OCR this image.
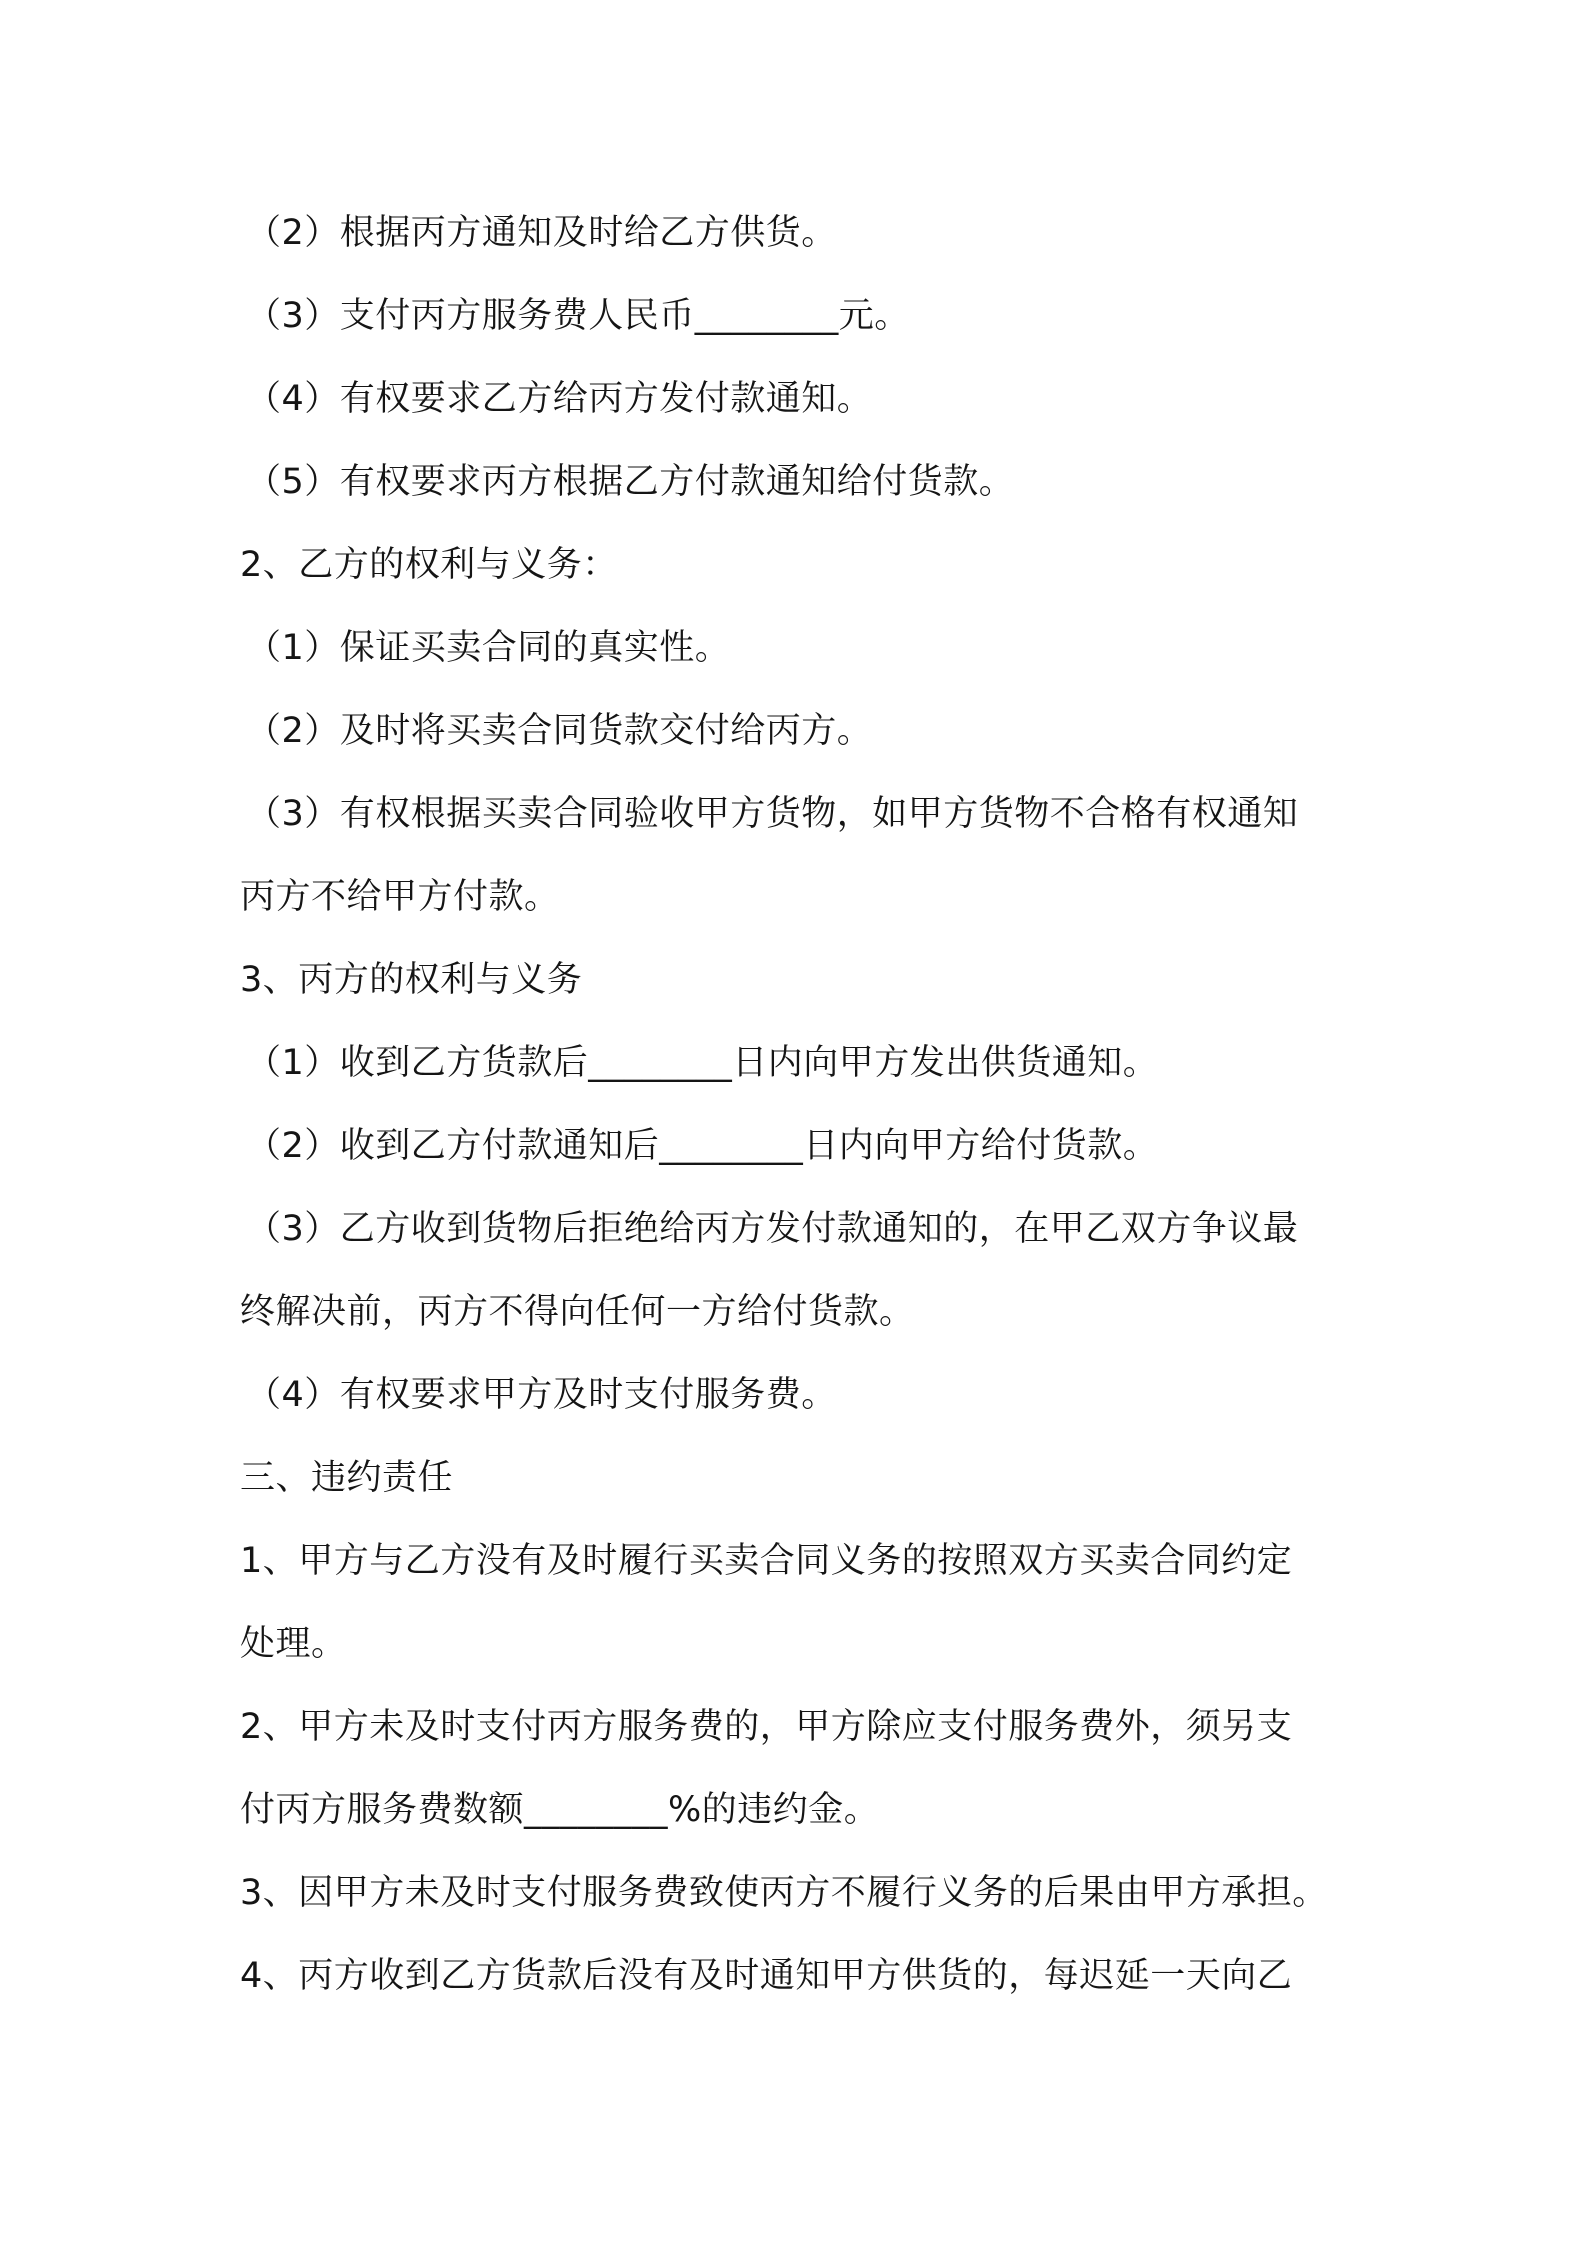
（2）根据丙方通知及时给乙方供货。
（3）支付丙方服务费人民币________元。
（4）有权要求乙方给丙方发付款通知。
（5）有权要求丙方根据乙方付款通知给付货款。
2、乙方的权利与义务：
（1）保证买卖合同的真实性。
（2）及时将买卖合同货款交付给丙方。
（3）有权根据买卖合同验收甲方货物，如甲方货物不合格有权通知
丙方不给甲方付款。
3、丙方的权利与义务
（1）收到乙方货款后________日内向甲方发出供货通知。
（2）收到乙方付款通知后________日内向甲方给付货款。
（3）乙方收到货物后拒绝给丙方发付款通知的，在甲乙双方争议最
终解决前，丙方不得向任何一方给付货款。
（4）有权要求甲方及时支付服务费。
三、违约责任
1、甲方与乙方没有及时履行买卖合同义务的按照双方买卖合同约定
处理。
2、甲方未及时支付丙方服务费的，甲方除应支付服务费外，须另支
付丙方服务费数额________%的违约金。
3、因甲方未及时支付服务费致使丙方不履行义务的后果由甲方承担。
4、丙方收到乙方货款后没有及时通知甲方供货的，每迟延一天向乙
